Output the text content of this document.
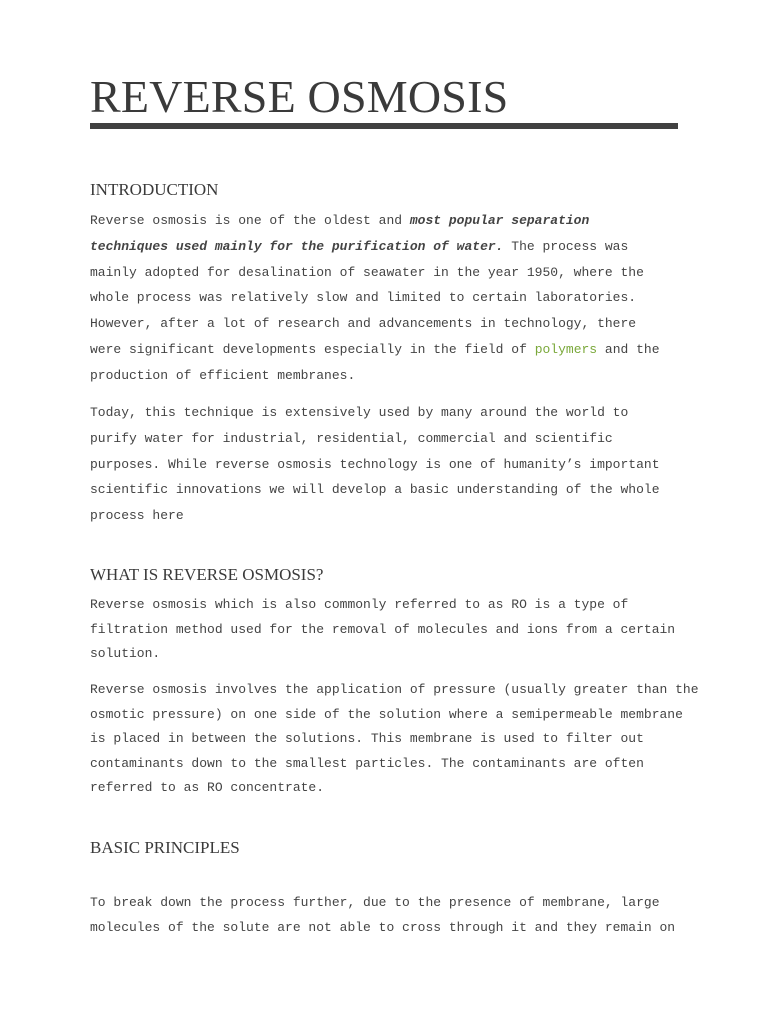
REVERSE OSMOSIS
INTRODUCTION
Reverse osmosis is one of the oldest and most popular separation
techniques used mainly for the purification of water. The process was
mainly adopted for desalination of seawater in the year 1950, where the
whole process was relatively slow and limited to certain laboratories.
However, after a lot of research and advancements in technology, there
were significant developments especially in the field of polymers and the
production of efficient membranes.
Today, this technique is extensively used by many around the world to
purify water for industrial, residential, commercial and scientific
purposes. While reverse osmosis technology is one of humanity’s important
scientific innovations we will develop a basic understanding of the whole
process here
WHAT IS REVERSE OSMOSIS?
Reverse osmosis which is also commonly referred to as RO is a type of
filtration method used for the removal of molecules and ions from a certain
solution.
Reverse osmosis involves the application of pressure (usually greater than the
osmotic pressure) on one side of the solution where a semipermeable membrane
is placed in between the solutions. This membrane is used to filter out
contaminants down to the smallest particles. The contaminants are often
referred to as RO concentrate.
BASIC PRINCIPLES
To break down the process further, due to the presence of membrane, large
molecules of the solute are not able to cross through it and they remain on
